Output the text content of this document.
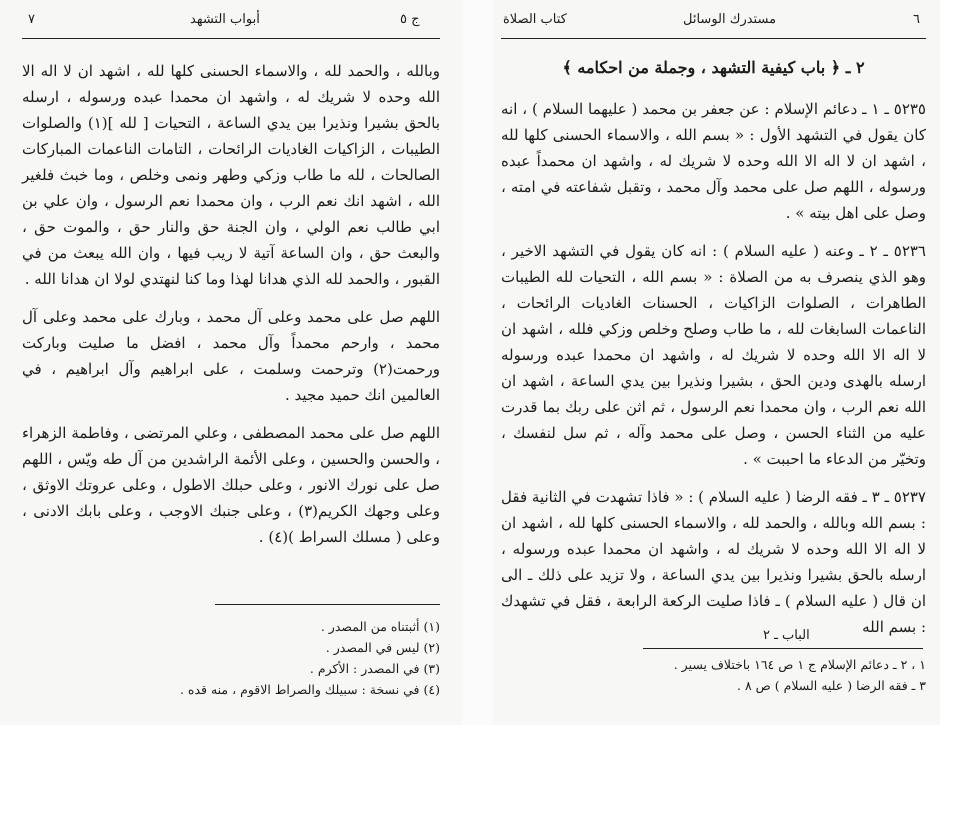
٧	أبواب التشهد	ج ٥

وبالله ، والحمد لله ، والاسماء الحسنى كلها لله ، اشهد ان لا اله الا الله وحده لا شريك له ، واشهد ان محمدا عبده ورسوله ، ارسله بالحق بشيرا ونذيرا بين يدي الساعة ، التحيات [ لله ](١) والصلوات الطيبات ، الزاكيات الغاديات الرائحات ، التامات الناعمات المباركات الصالحات ، لله ما طاب وزكي وطهر ونمى وخلص ، وما خبث فلغير الله ، اشهد انك نعم الرب ، وان محمدا نعم الرسول ، وان علي بن ابي طالب نعم الولي ، وان الجنة حق والنار حق ، والموت حق ، والبعث حق ، وان الساعة آتية لا ريب فيها ، وان الله يبعث من في القبور ، والحمد لله الذي هدانا لهذا وما كنا لنهتدي لولا ان هدانا الله .

اللهم صل على محمد وعلى آل محمد ، وبارك على محمد وعلى آل محمد ، وارحم محمداً وآل محمد ، افضل ما صليت وباركت ورحمت(٢) وترحمت وسلمت ، على ابراهيم وآل ابراهيم ، في العالمين انك حميد مجيد .

اللهم صل على محمد المصطفى ، وعلي المرتضى ، وفاطمة الزهراء ، والحسن والحسين ، وعلى الأئمة الراشدين من آل طه ويّس ، اللهم صل على نورك الانور ، وعلى حبلك الاطول ، وعلى عروتك الاوثق ، وعلى وجهك الكريم(٣) ، وعلى جنبك الاوجب ، وعلى بابك الادنى ، وعلى ( مسلك السراط )(٤) .

(١) أثبتناه من المصدر .
(٢) ليس في المصدر .
(٣) في المصدر : الأكرم .
(٤) في نسخة : سبيلك والصراط الاقوم ، منه قده .
كتاب الصلاة	مستدرك الوسائل	٦
٢ ـ ﴿ باب كيفية التشهد ، وجملة من احكامه ﴾

٥٢٣٥ ـ ١ ـ دعائم الإسلام : عن جعفر بن محمد ( عليهما السلام ) ، انه كان يقول في التشهد الأول : « بسم الله ، والاسماء الحسنى كلها لله ، اشهد ان لا اله الا الله وحده لا شريك له ، واشهد ان محمداً عبده ورسوله ، اللهم صل على محمد وآل محمد ، وتقبل شفاعته في امته ، وصل على اهل بيته » .

٥٢٣٦ ـ ٢ ـ وعنه ( عليه السلام ) : انه كان يقول في التشهد الاخير ، وهو الذي ينصرف به من الصلاة : « بسم الله ، التحيات لله الطيبات الطاهرات ، الصلوات الزاكيات ، الحسنات الغاديات الرائحات ، الناعمات السابغات لله ، ما طاب وصلح وخلص وزكي فلله ، اشهد ان لا اله الا الله وحده لا شريك له ، واشهد ان محمدا عبده ورسوله ارسله بالهدى ودين الحق ، بشيرا ونذيرا بين يدي الساعة ، اشهد ان الله نعم الرب ، وان محمدا نعم الرسول ، ثم اثن على ربك بما قدرت عليه من الثناء الحسن ، وصل على محمد وآله ، ثم سل لنفسك ، وتخيّر من الدعاء ما احببت » .

٥٢٣٧ ـ ٣ ـ فقه الرضا ( عليه السلام ) : « فاذا تشهدت في الثانية فقل : بسم الله وبالله ، والحمد لله ، والاسماء الحسنى كلها لله ، اشهد ان لا اله الا الله وحده لا شريك له ، واشهد ان محمدا عبده ورسوله ، ارسله بالحق بشيرا ونذيرا بين يدي الساعة ، ولا تزيد على ذلك ـ الى ان قال ( عليه السلام ) ـ فاذا صليت الركعة الرابعة ، فقل في تشهدك : بسم الله

الباب ـ ٢
١ ، ٢ ـ دعائم الإسلام ج ١ ص ١٦٤ باختلاف يسير .
٣ ـ فقه الرضا ( عليه السلام ) ص ٨ .
